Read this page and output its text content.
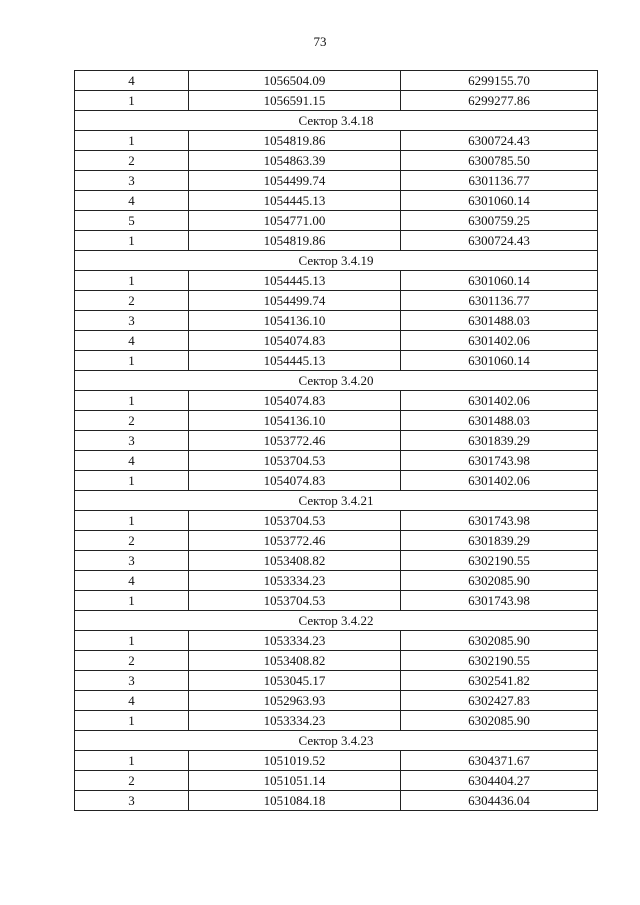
73
4	1056504.09	6299155.70
1	1056591.15	6299277.86
Сектор 3.4.18		
1	1054819.86	6300724.43
2	1054863.39	6300785.50
3	1054499.74	6301136.77
4	1054445.13	6301060.14
5	1054771.00	6300759.25
1	1054819.86	6300724.43
Сектор 3.4.19		
1	1054445.13	6301060.14
2	1054499.74	6301136.77
3	1054136.10	6301488.03
4	1054074.83	6301402.06
1	1054445.13	6301060.14
Сектор 3.4.20		
1	1054074.83	6301402.06
2	1054136.10	6301488.03
3	1053772.46	6301839.29
4	1053704.53	6301743.98
1	1054074.83	6301402.06
Сектор 3.4.21		
1	1053704.53	6301743.98
2	1053772.46	6301839.29
3	1053408.82	6302190.55
4	1053334.23	6302085.90
1	1053704.53	6301743.98
Сектор 3.4.22		
1	1053334.23	6302085.90
2	1053408.82	6302190.55
3	1053045.17	6302541.82
4	1052963.93	6302427.83
1	1053334.23	6302085.90
Сектор 3.4.23		
1	1051019.52	6304371.67
2	1051051.14	6304404.27
3	1051084.18	6304436.04
